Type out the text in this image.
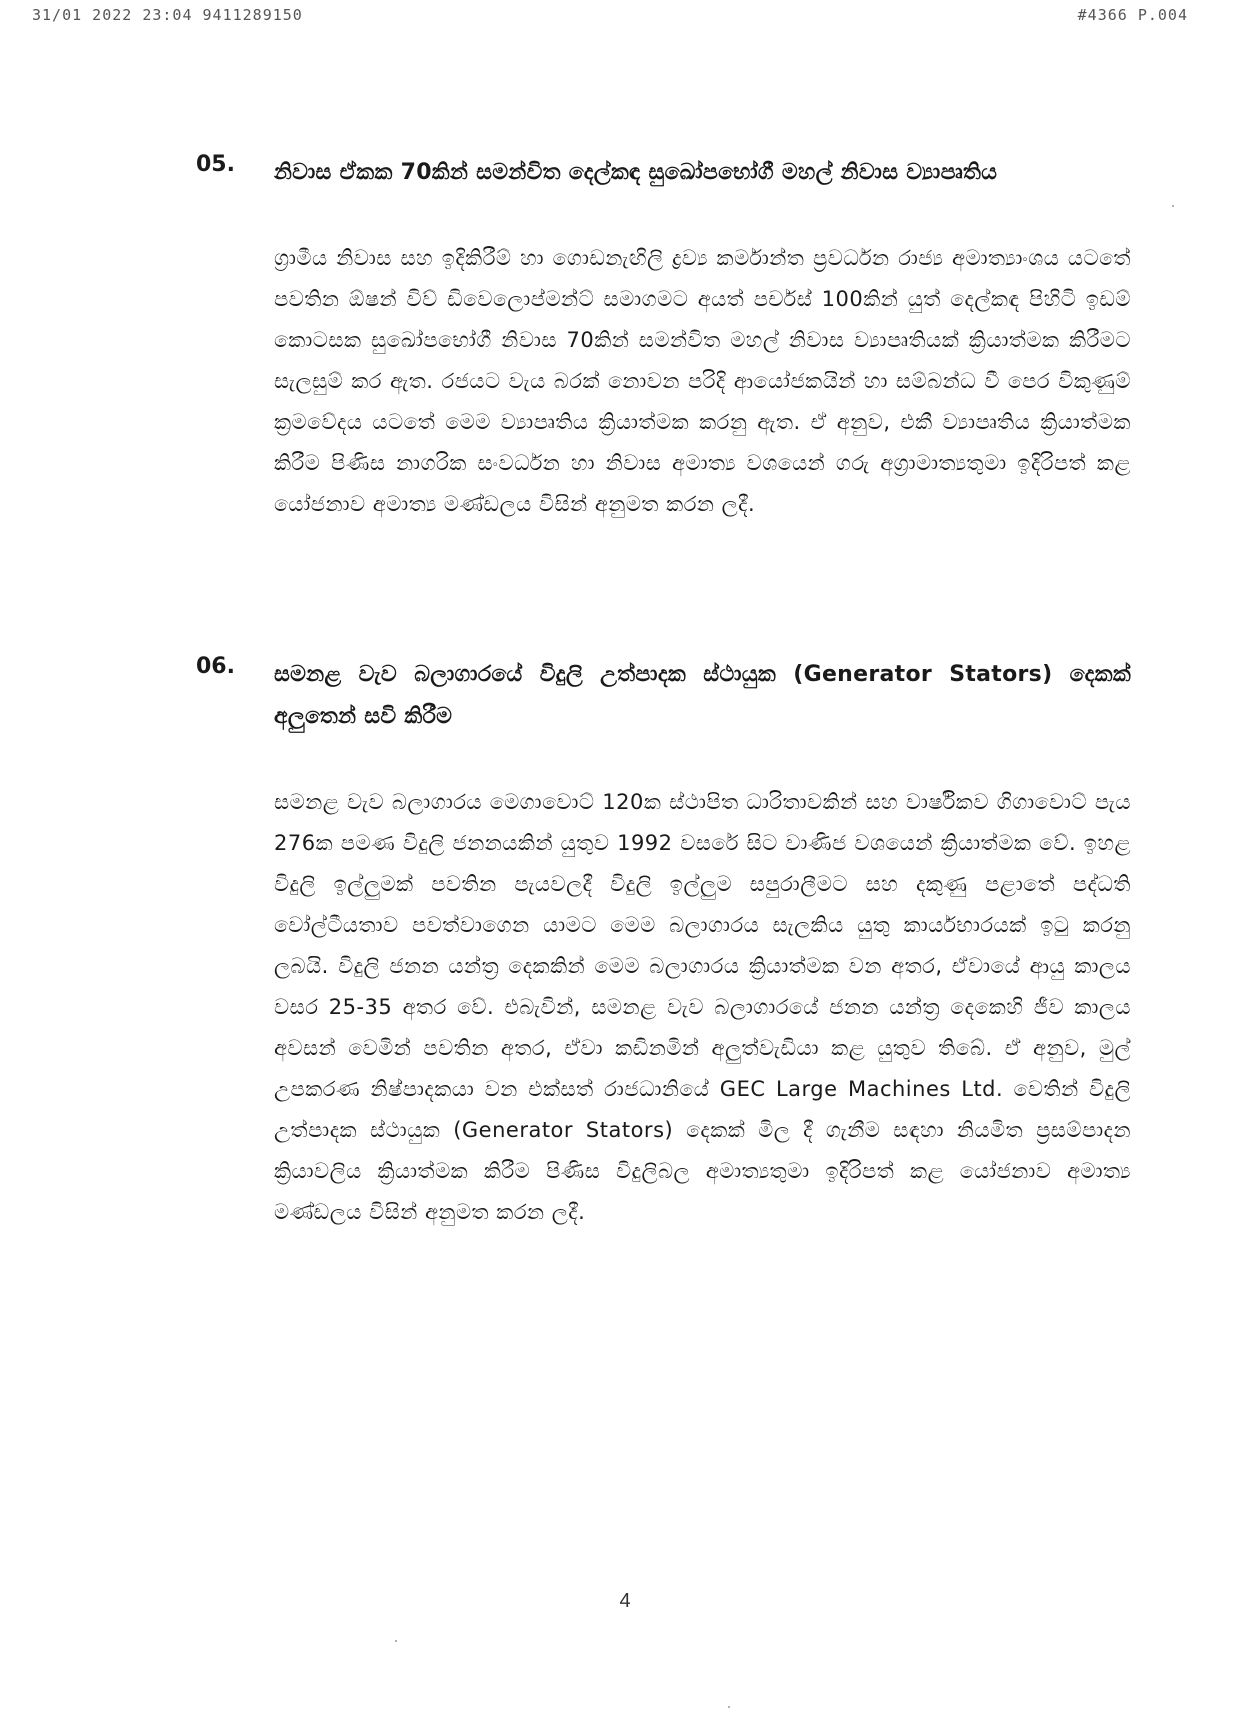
31/01 2022 23:04 9411289150	#4366 P.004
05. නිවාස ඒකක 70කින් සමන්විත දෙල්කඳ සුඛෝපභෝගී මහල් නිවාස ව්‍යාපෘතිය
ග්‍රාමීය නිවාස සහ ඉදිකිරීම් හා ගොඩනැඟිලි ද්‍රව්‍ය කර්මාන්ත ප්‍රවර්ධන රාජ්‍ය අමාත්‍යාංශය යටතේ පවතින ඕෂන් විව් ඩිවෙලොප්මන්ට් සමාගමට අයත් පර්චස් 100කින් යුත් දෙල්කඳ පිහිටි ඉඩම් කොටසක සුඛෝපභෝගී නිවාස 70කින් සමන්විත මහල් නිවාස ව්‍යාපෘතියක් ක්‍රියාත්මක කිරීමට සැලසුම් කර ඇත. රජයට වැය බරක් නොවන පරිදි ආයෝජකයින් හා සම්බන්ධ වී පෙර විකුණුම් ක්‍රමවේදය යටතේ මෙම ව්‍යාපෘතිය ක්‍රියාත්මක කරනු ඇත. ඒ අනුව, එකී ව්‍යාපෘතිය ක්‍රියාත්මක කිරීම පිණිස නාගරික සංවර්ධන හා නිවාස අමාත්‍ය වශයෙන් ගරු අග්‍රාමාත්‍යතුමා ඉදිරිපත් කළ යෝජනාව අමාත්‍ය මණ්ඩලය විසින් අනුමත කරන ලදී.
06. සමනළ වැව බලාගාරයේ විදුලි උත්පාදක ස්ථායුක (Generator Stators) දෙකක් අලුතෙන් සවි කිරීම
සමනළ වැව බලාගාරය මෙගාවොට් 120ක ස්ථාපිත ධාරිතාවකින් සහ වාර්ෂිකව ගිගාවොට් පැය 276ක පමණ විදුලි ජනනයකින් යුතුව 1992 වසරේ සිට වාණිජ වශයෙන් ක්‍රියාත්මක වේ. ඉහළ විදුලි ඉල්ලුමක් පවතින පැයවලදී විදුලි ඉල්ලුම සපුරාලීමට සහ දකුණු පළාතේ පද්ධති වෝල්ටීයතාව පවත්වාගෙන යාමට මෙම බලාගාරය සැලකිය යුතු කාර්යභාරයක් ඉටු කරනු ලබයි. විදුලි ජනන යන්ත්‍ර දෙකකින් මෙම බලාගාරය ක්‍රියාත්මක වන අතර, ඒවායේ ආයු කාලය වසර 25-35 අතර වේ. එබැවින්, සමනළ වැව බලාගාරයේ ජනන යන්ත්‍ර දෙකෙහි ජීව කාලය අවසන් වෙමින් පවතින අතර, ඒවා කඩිනමින් අලුත්වැඩියා කළ යුතුව තිබේ. ඒ අනුව, මුල් උපකරණ නිෂ්පාදකයා වන එක්සත් රාජධානියේ GEC Large Machines Ltd. වෙතින් විදුලි උත්පාදක ස්ථායුක (Generator Stators) දෙකක් මිල දී ගැනීම සඳහා නියමිත ප්‍රසම්පාදන ක්‍රියාවලිය ක්‍රියාත්මක කිරීම පිණිස විදුලිබල අමාත්‍යතුමා ඉදිරිපත් කළ යෝජනාව අමාත්‍ය මණ්ඩලය විසින් අනුමත කරන ලදී.
4
